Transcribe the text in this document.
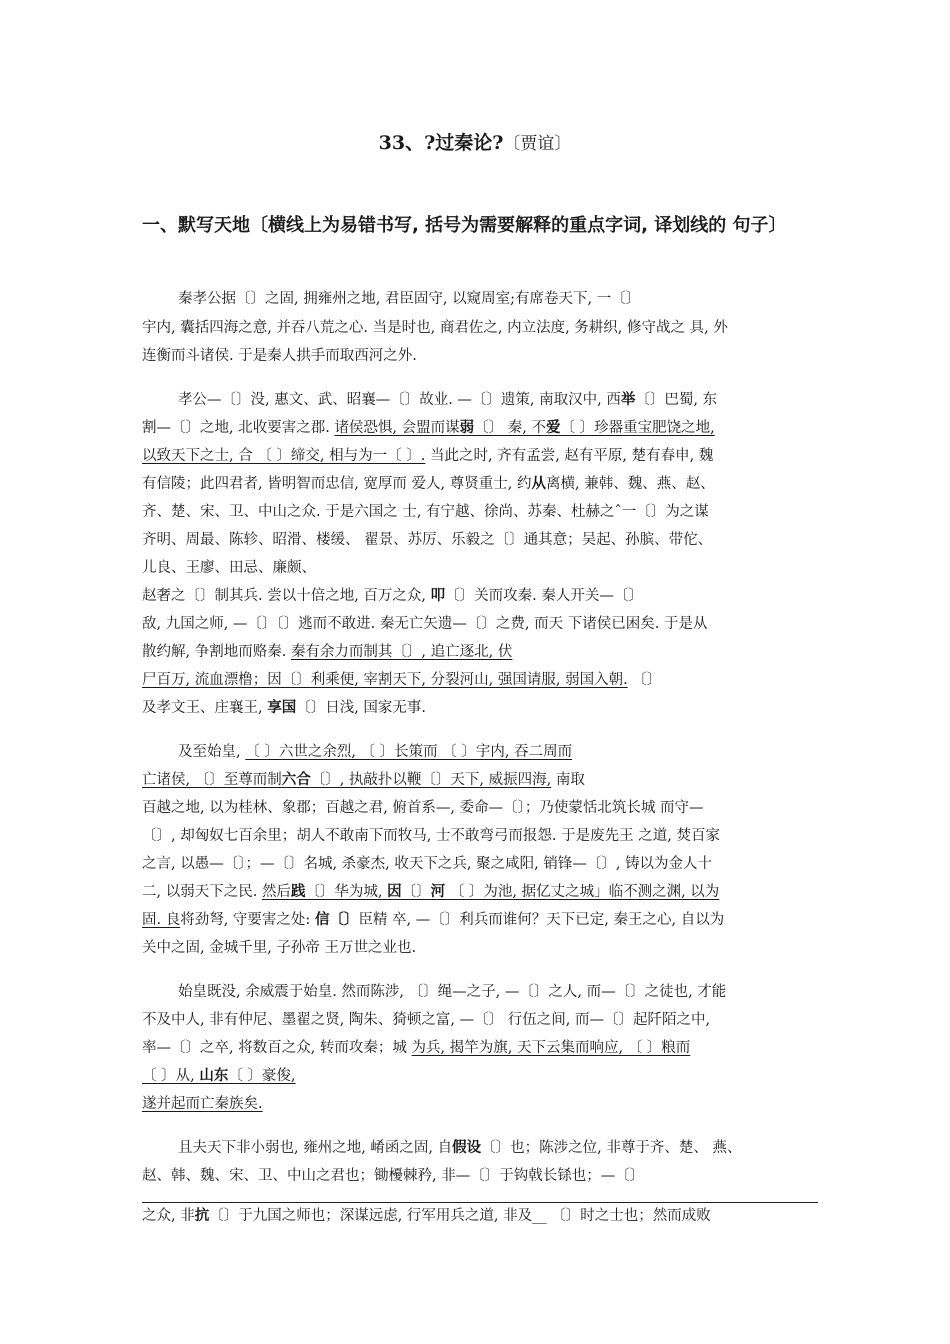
33、?过秦论?〔贾谊〕
一、默写天地〔横线上为易错书写, 括号为需要解释的重点字词, 译划线的 句子〕
秦孝公据〔〕之固, 拥雍州之地, 君臣固守, 以窥周室;有席卷天下, 一〔〕
宇内, 囊括四海之意, 并吞八荒之心. 当是时也, 商君佐之, 内立法度, 务耕织, 修守战之 具, 外
连衡而斗诸侯. 于是秦人拱手而取西河之外.
孝公—〔〕没, 惠文、武、昭襄—〔〕故业. —〔〕遗策, 南取汉中, 西举〔〕巴蜀, 东
割—〔〕之地, 北收要害之郡. 诸侯恐惧, 会盟而谋弱〔〕 秦, 不爱〔 〕珍器重宝肥饶之地,
以致天下之士, 合 〔 〕缔交, 相与为一〔 〕. 当此之时, 齐有孟尝, 赵有平原, 楚有春申, 魏
有信陵；此四君者, 皆明智而忠信, 宽厚而 爱人, 尊贤重士, 约从离横, 兼韩、魏、燕、赵、
齐、楚、宋、卫、中山之众. 于是六国之 士, 有宁越、徐尚、苏秦、杜赫之ˆ一〔〕为之谋
齐明、周最、陈轸、昭滑、楼缓、 翟景、苏厉、乐毅之〔〕通其意；吴起、孙膑、带佗、
儿良、王廖、田忌、廉颇、
赵奢之〔〕制其兵. 尝以十倍之地, 百万之众, 叩〔〕关而攻秦. 秦人开关—〔〕
敌, 九国之师, —〔〕〔〕逃而不敢进. 秦无亡矢遗—〔〕之费, 而天 下诸侯已困矣. 于是从
散约解, 争割地而赂秦. 秦有余力而制其〔〕, 追亡逐北, 伏
尸百万, 流血漂橹；因〔〕利乘便, 宰割天下, 分裂河山, 强国请服, 弱国入朝. 〔〕
及孝文王、庄襄王, 享国〔〕日浅, 国家无事.
及至始皇, 〔 〕六世之余烈, 〔 〕长策而 〔 〕宇内, 吞二周而
亡诸侯, 〔〕至尊而制六合〔〕, 执敲扑以鞭〔〕天下, 威振四海, 南取
百越之地, 以为桂林、象郡；百越之君, 俯首系—, 委命—〔〕；乃使蒙恬北筑长城 而守—
〔〕, 却匈奴七百余里；胡人不敢南下而牧马, 士不敢弯弓而报怨. 于是废先王 之道, 焚百家
之言, 以愚—〔〕；—〔〕名城, 杀豪杰, 收天下之兵, 聚之咸阳, 销锋—〔〕, 铸以为金人十
二, 以弱天下之民. 然后践〔〕华为城, 因〔〕河 〔 〕为池, 据亿丈之城」临不测之渊, 以为
固. 良将劲弩, 守要害之处: 信〔〕臣精 卒, —〔〕利兵而谁何？天下已定, 秦王之心, 自以为
关中之固, 金城千里, 子孙帝 王万世之业也.
始皇既没, 余威震于始皇. 然而陈涉, 〔〕绳—之子, —〔〕之人, 而—〔〕之徒也, 才能
不及中人, 非有仲尼、墨翟之贤, 陶朱、猗顿之富, —〔〕 行伍之间, 而—〔〕起阡陌之中,
率—〔〕之卒, 将数百之众, 转而攻秦；城 为兵, 揭竿为旗, 天下云集而响应, 〔 〕粮而
〔 〕从, 山东〔 〕豪俊,
遂并起而亡秦族矣.
且夫天下非小弱也, 雍州之地, 崤函之固, 自假设〔〕也；陈涉之位, 非尊于齐、楚、 燕、
赵、韩、魏、宋、卫、中山之君也；锄櫌棘矜, 非—〔〕于钩戟长铩也；—〔〕
之众, 非抗〔〕于九国之师也；深谋远虑, 行军用兵之道, 非及__ 〔〕时之士也；然而成败
